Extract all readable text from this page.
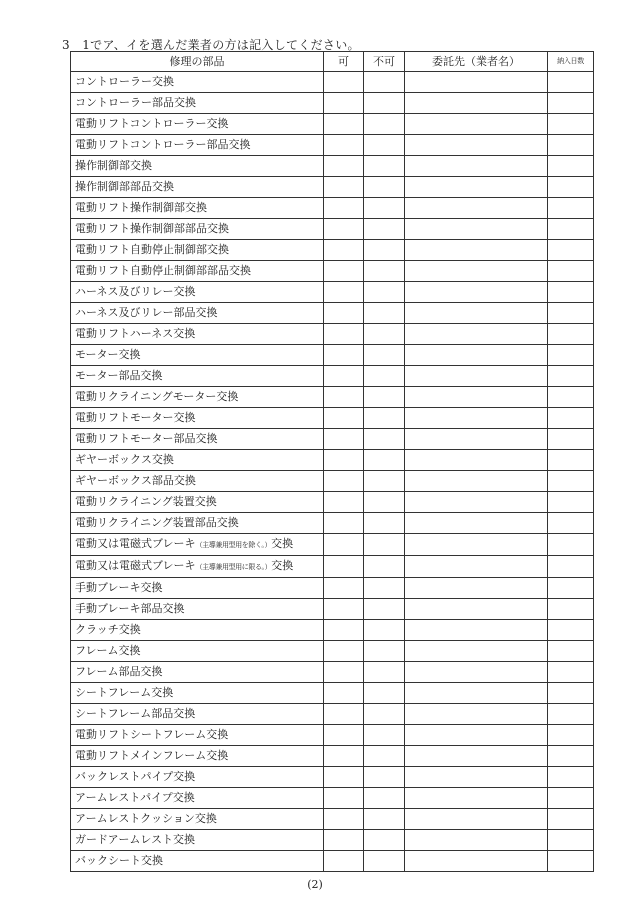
3　1でア、イを選んだ業者の方は記入してください。
修理の部品	可	不可	委託先（業者名）	納入日数
コントローラー交換				
コントローラー部品交換				
電動リフトコントローラー交換				
電動リフトコントローラー部品交換				
操作制御部交換				
操作制御部部品交換				
電動リフト操作制御部交換				
電動リフト操作制御部部品交換				
電動リフト自動停止制御部交換				
電動リフト自動停止制御部部品交換				
ハーネス及びリレー交換				
ハーネス及びリレー部品交換				
電動リフトハーネス交換				
モーター交換				
モーター部品交換				
電動リクライニングモーター交換				
電動リフトモーター交換				
電動リフトモーター部品交換				
ギヤーボックス交換				
ギヤーボックス部品交換				
電動リクライニング装置交換				
電動リクライニング装置部品交換				
電動又は電磁式ブレーキ（主導兼用型用を除く。）交換				
電動又は電磁式ブレーキ（主導兼用型用に限る。）交換				
手動ブレーキ交換				
手動ブレーキ部品交換				
クラッチ交換				
フレーム交換				
フレーム部品交換				
シートフレーム交換				
シートフレーム部品交換				
電動リフトシートフレーム交換				
電動リフトメインフレーム交換				
バックレストパイプ交換				
アームレストパイプ交換				
アームレストクッション交換				
ガードアームレスト交換				
バックシート交換				
(2)
